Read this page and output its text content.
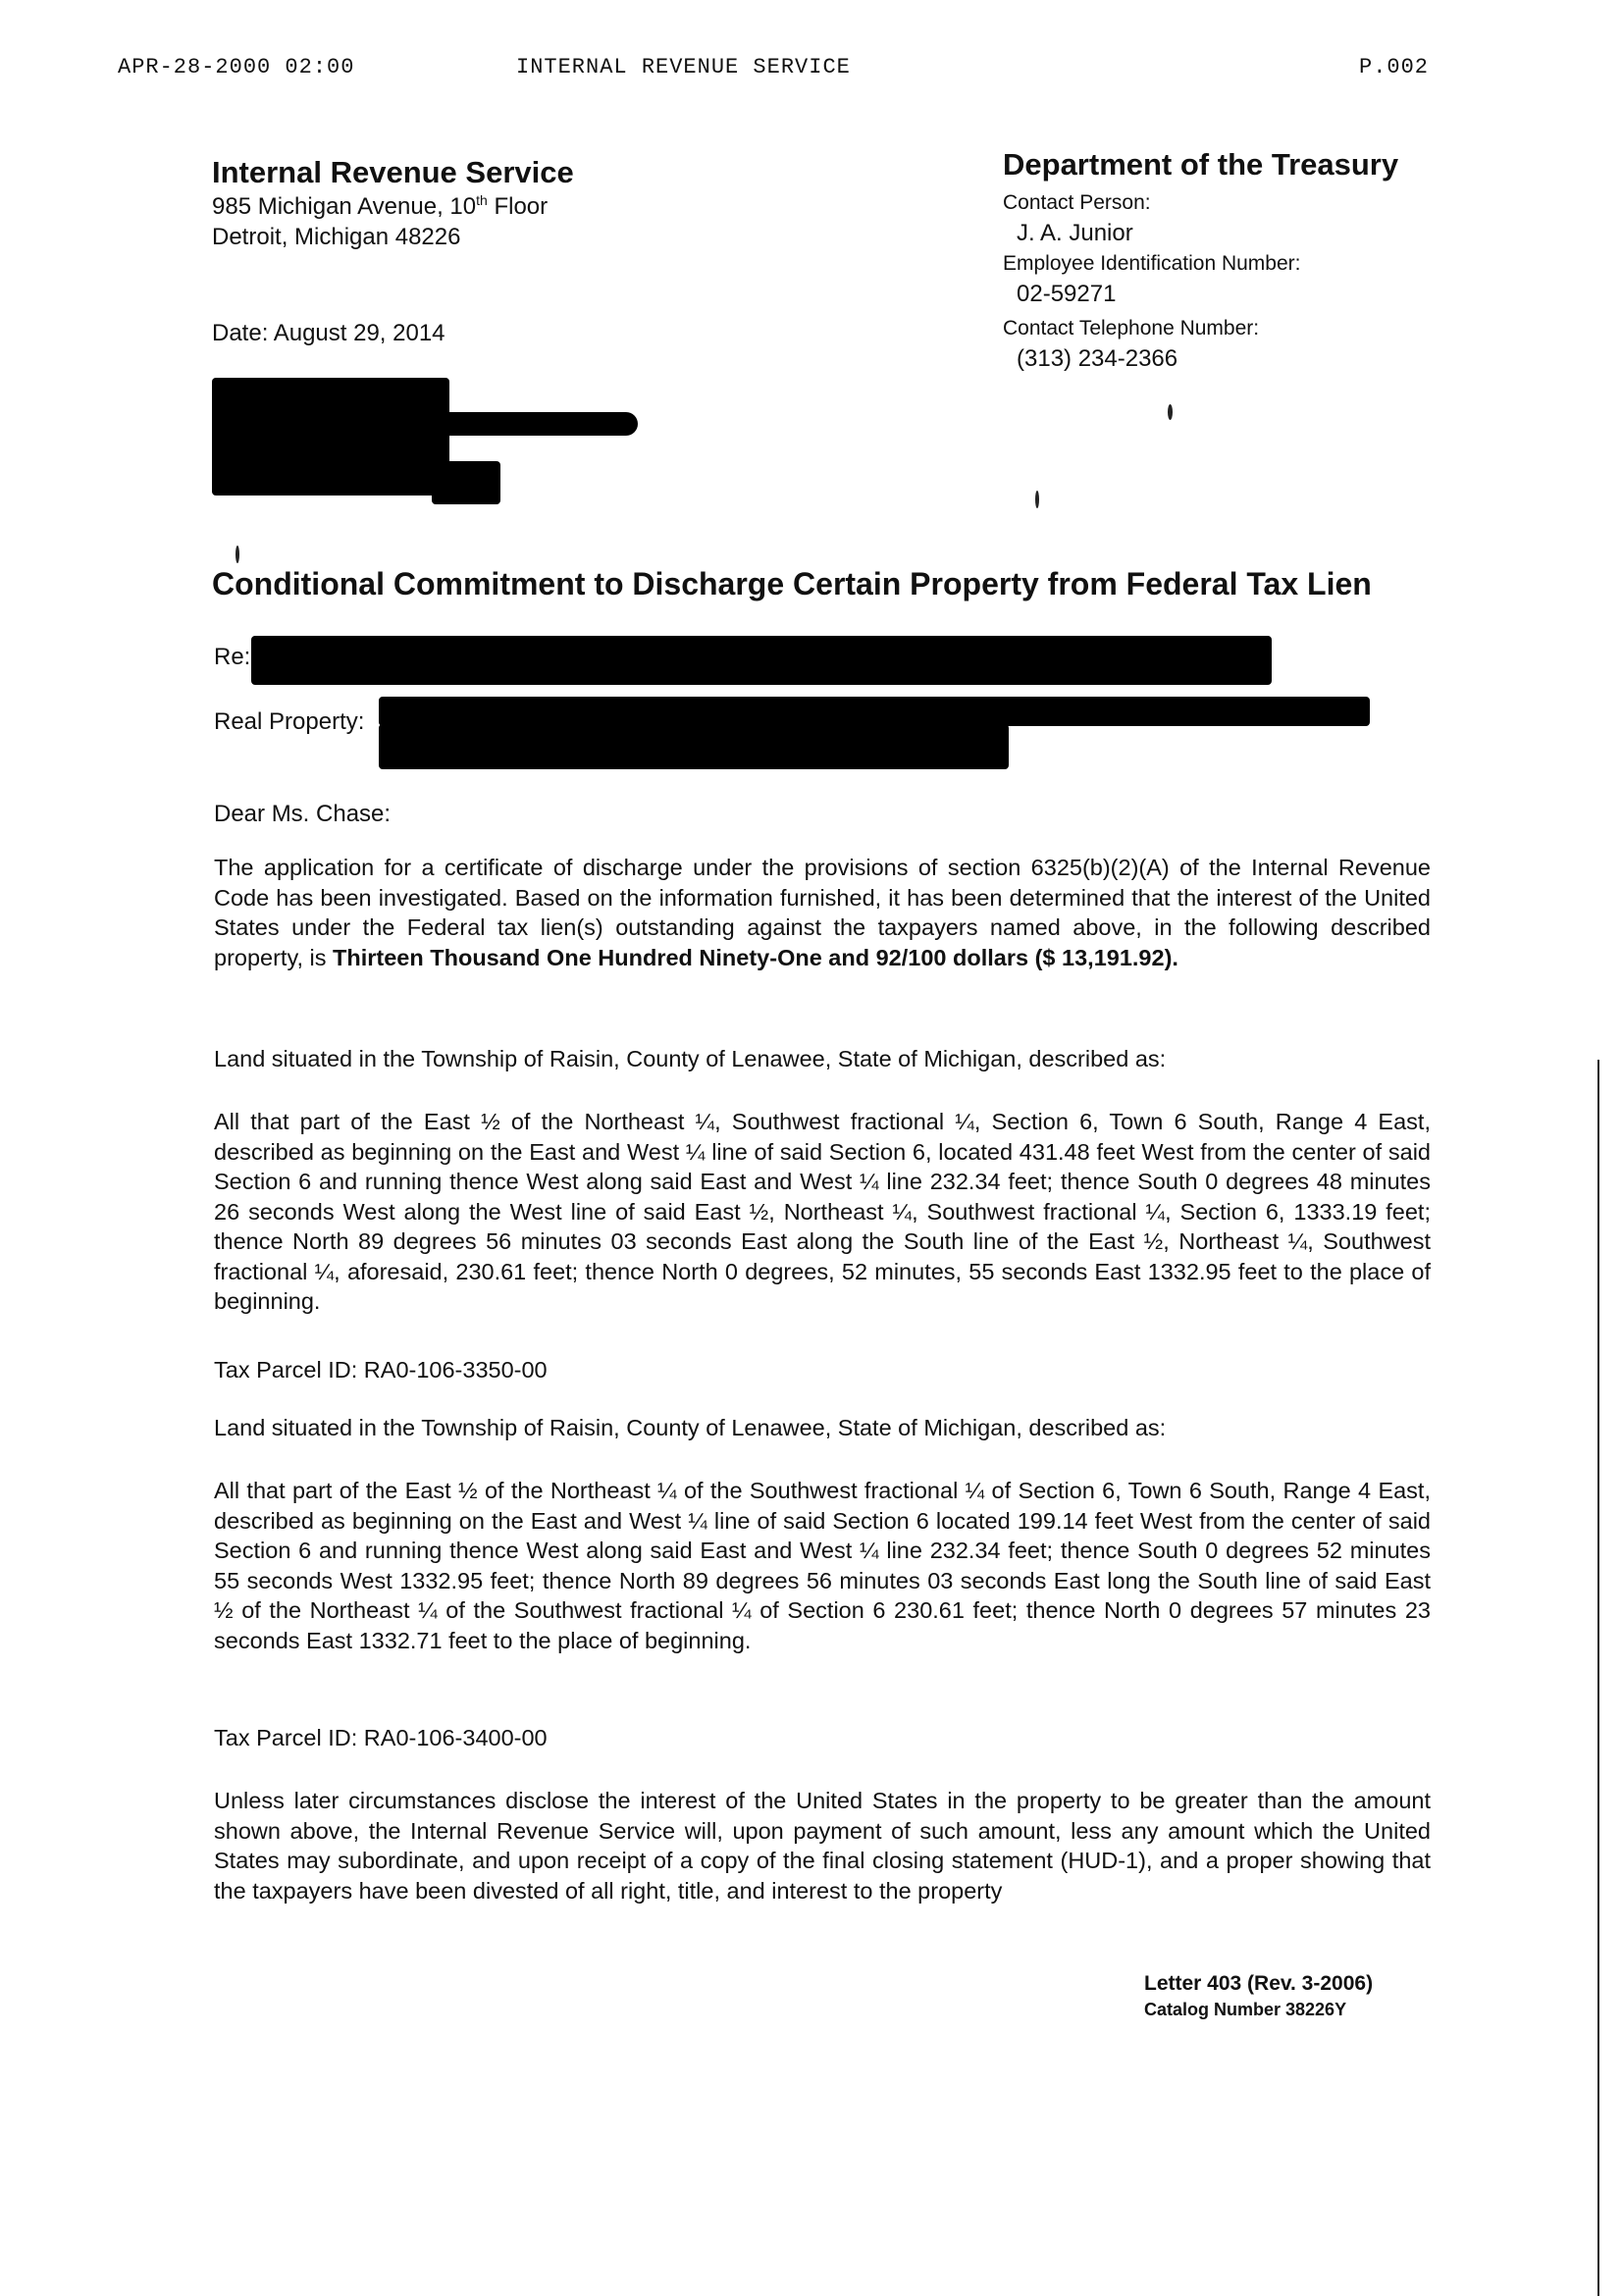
APR-28-2000 02:00	INTERNAL REVENUE SERVICE	P.002
Internal Revenue Service
985 Michigan Avenue, 10th Floor
Detroit, Michigan 48226
Date: August 29, 2014
Department of the Treasury
Contact Person:
J. A. Junior
Employee Identification Number:
02-59271
Contact Telephone Number:
(313) 234-2366
Conditional Commitment to Discharge Certain Property from Federal Tax Lien
Re:
Real Property:
Dear Ms. Chase:
The application for a certificate of discharge under the provisions of section 6325(b)(2)(A) of the Internal Revenue Code has been investigated. Based on the information furnished, it has been determined that the interest of the United States under the Federal tax lien(s) outstanding against the taxpayers named above, in the following described property, is Thirteen Thousand One Hundred Ninety-One and 92/100 dollars ($ 13,191.92).
Land situated in the Township of Raisin, County of Lenawee, State of Michigan, described as:
All that part of the East ½ of the Northeast ¼, Southwest fractional ¼, Section 6, Town 6 South, Range 4 East, described as beginning on the East and West ¼ line of said Section 6, located 431.48 feet West from the center of said Section 6 and running thence West along said East and West ¼ line 232.34 feet; thence South 0 degrees 48 minutes 26 seconds West along the West line of said East ½, Northeast ¼, Southwest fractional ¼, Section 6, 1333.19 feet; thence North 89 degrees 56 minutes 03 seconds East along the South line of the East ½, Northeast ¼, Southwest fractional ¼, aforesaid, 230.61 feet; thence North 0 degrees, 52 minutes, 55 seconds East 1332.95 feet to the place of beginning.
Tax Parcel ID: RA0-106-3350-00
Land situated in the Township of Raisin, County of Lenawee, State of Michigan, described as:
All that part of the East ½ of the Northeast ¼ of the Southwest fractional ¼ of Section 6, Town 6 South, Range 4 East, described as beginning on the East and West ¼ line of said Section 6 located 199.14 feet West from the center of said Section 6 and running thence West along said East and West ¼ line 232.34 feet; thence South 0 degrees 52 minutes 55 seconds West 1332.95 feet; thence North 89 degrees 56 minutes 03 seconds East long the South line of said East ½ of the Northeast ¼ of the Southwest fractional ¼ of Section 6 230.61 feet; thence North 0 degrees 57 minutes 23 seconds East 1332.71 feet to the place of beginning.
Tax Parcel ID: RA0-106-3400-00
Unless later circumstances disclose the interest of the United States in the property to be greater than the amount shown above, the Internal Revenue Service will, upon payment of such amount, less any amount which the United States may subordinate, and upon receipt of a copy of the final closing statement (HUD-1), and a proper showing that the taxpayers have been divested of all right, title, and interest to the property
Letter 403 (Rev. 3-2006)
Catalog Number 38226Y
